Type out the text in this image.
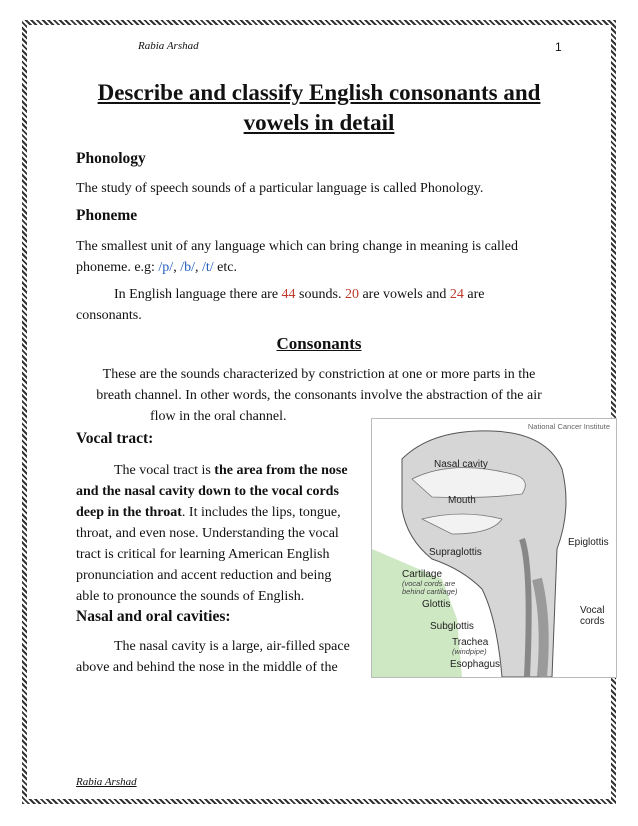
Rabia Arshad	1
Describe and classify English consonants and vowels in detail
Phonology
The study of speech sounds of a particular language is called Phonology.
Phoneme
The smallest unit of any language which can bring change in meaning is called
phoneme. e.g: /p/, /b/, /t/ etc.
In English language there are 44 sounds. 20 are vowels and 24 are
consonants.
Consonants
These are the sounds characterized by constriction at one or more parts in the
breath channel. In other words, the consonants involve the abstraction of the air
flow in the oral channel.
Vocal tract:
The vocal tract is the area from the nose
and the nasal cavity down to the vocal cords
deep in the throat. It includes the lips, tongue,
throat, and even nose. Understanding the vocal
tract is critical for learning American English
pronunciation and accent reduction and being
able to pronounce the sounds of English.
Nasal and oral cavities:
The nasal cavity is a large, air-filled space
above and behind the nose in the middle of the
National Cancer Institute
Nasal cavity
Mouth
Epiglottis
Supraglottis
Cartilage
(vocal cords are
behind cartilage)
Glottis
Vocal
cords
Subglottis
Trachea
(windpipe)
Esophagus
Rabia Arshad
